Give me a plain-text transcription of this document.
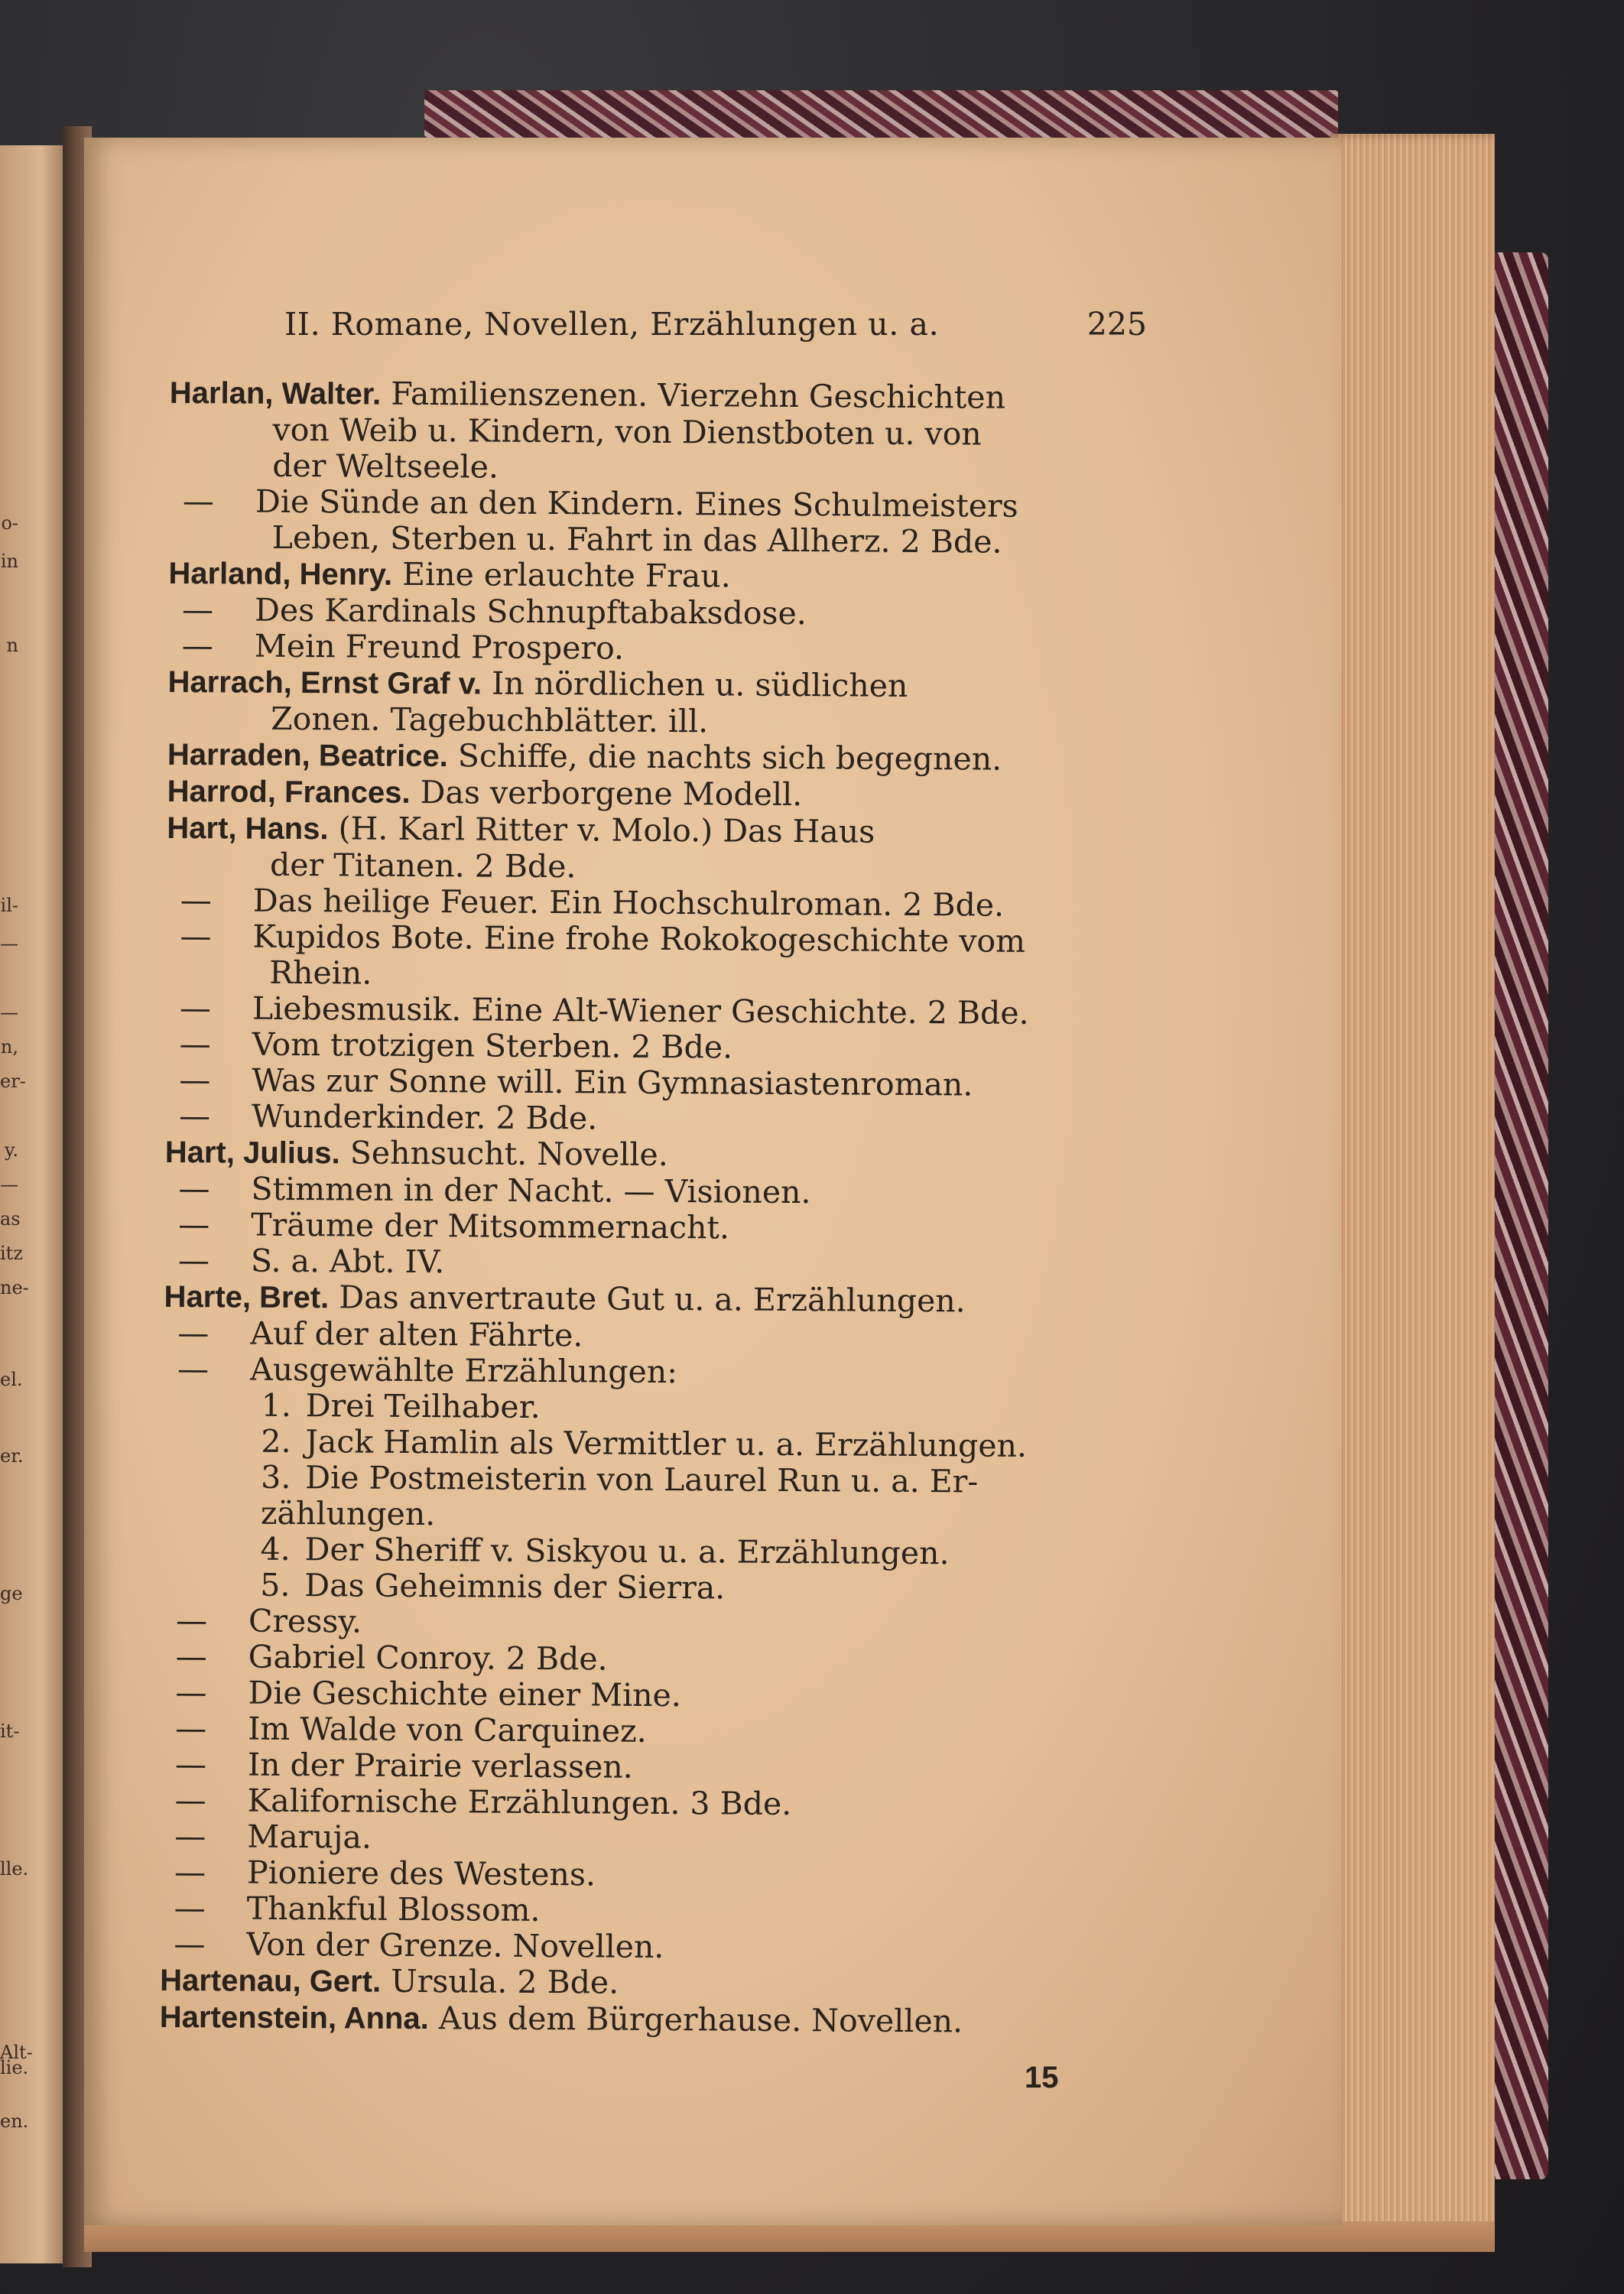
o-
in
n
il-
—
—
n,
er-
y.
—
as
itz
ne-
el.
er.
ge
it-
lle.
lie.
en.
Alt-
II. Romane, Novellen, Erzählungen u. a.	225
Harlan, Walter. Familienszenen. Vierzehn Geschichten
von Weib u. Kindern, von Dienstboten u. von
der Weltseele.
— Die Sünde an den Kindern. Eines Schulmeisters
Leben, Sterben u. Fahrt in das Allherz. 2 Bde.
Harland, Henry. Eine erlauchte Frau.
— Des Kardinals Schnupftabaksdose.
— Mein Freund Prospero.
Harrach, Ernst Graf v. In nördlichen u. südlichen
Zonen. Tagebuchblätter. ill.
Harraden, Beatrice. Schiffe, die nachts sich begegnen.
Harrod, Frances. Das verborgene Modell.
Hart, Hans. (H. Karl Ritter v. Molo.) Das Haus
der Titanen. 2 Bde.
— Das heilige Feuer. Ein Hochschulroman. 2 Bde.
— Kupidos Bote. Eine frohe Rokokogeschichte vom
Rhein.
— Liebesmusik. Eine Alt-Wiener Geschichte. 2 Bde.
— Vom trotzigen Sterben. 2 Bde.
— Was zur Sonne will. Ein Gymnasiastenroman.
— Wunderkinder. 2 Bde.
Hart, Julius. Sehnsucht. Novelle.
— Stimmen in der Nacht. — Visionen.
— Träume der Mitsommernacht.
— S. a. Abt. IV.
Harte, Bret. Das anvertraute Gut u. a. Erzählungen.
— Auf der alten Fährte.
— Ausgewählte Erzählungen:
1. Drei Teilhaber.
2. Jack Hamlin als Vermittler u. a. Erzählungen.
3. Die Postmeisterin von Laurel Run u. a. Er-
zählungen.
4. Der Sheriff v. Siskyou u. a. Erzählungen.
5. Das Geheimnis der Sierra.
— Cressy.
— Gabriel Conroy. 2 Bde.
— Die Geschichte einer Mine.
— Im Walde von Carquinez.
— In der Prairie verlassen.
— Kalifornische Erzählungen. 3 Bde.
— Maruja.
— Pioniere des Westens.
— Thankful Blossom.
— Von der Grenze. Novellen.
Hartenau, Gert. Ursula. 2 Bde.
Hartenstein, Anna. Aus dem Bürgerhause. Novellen.
15
